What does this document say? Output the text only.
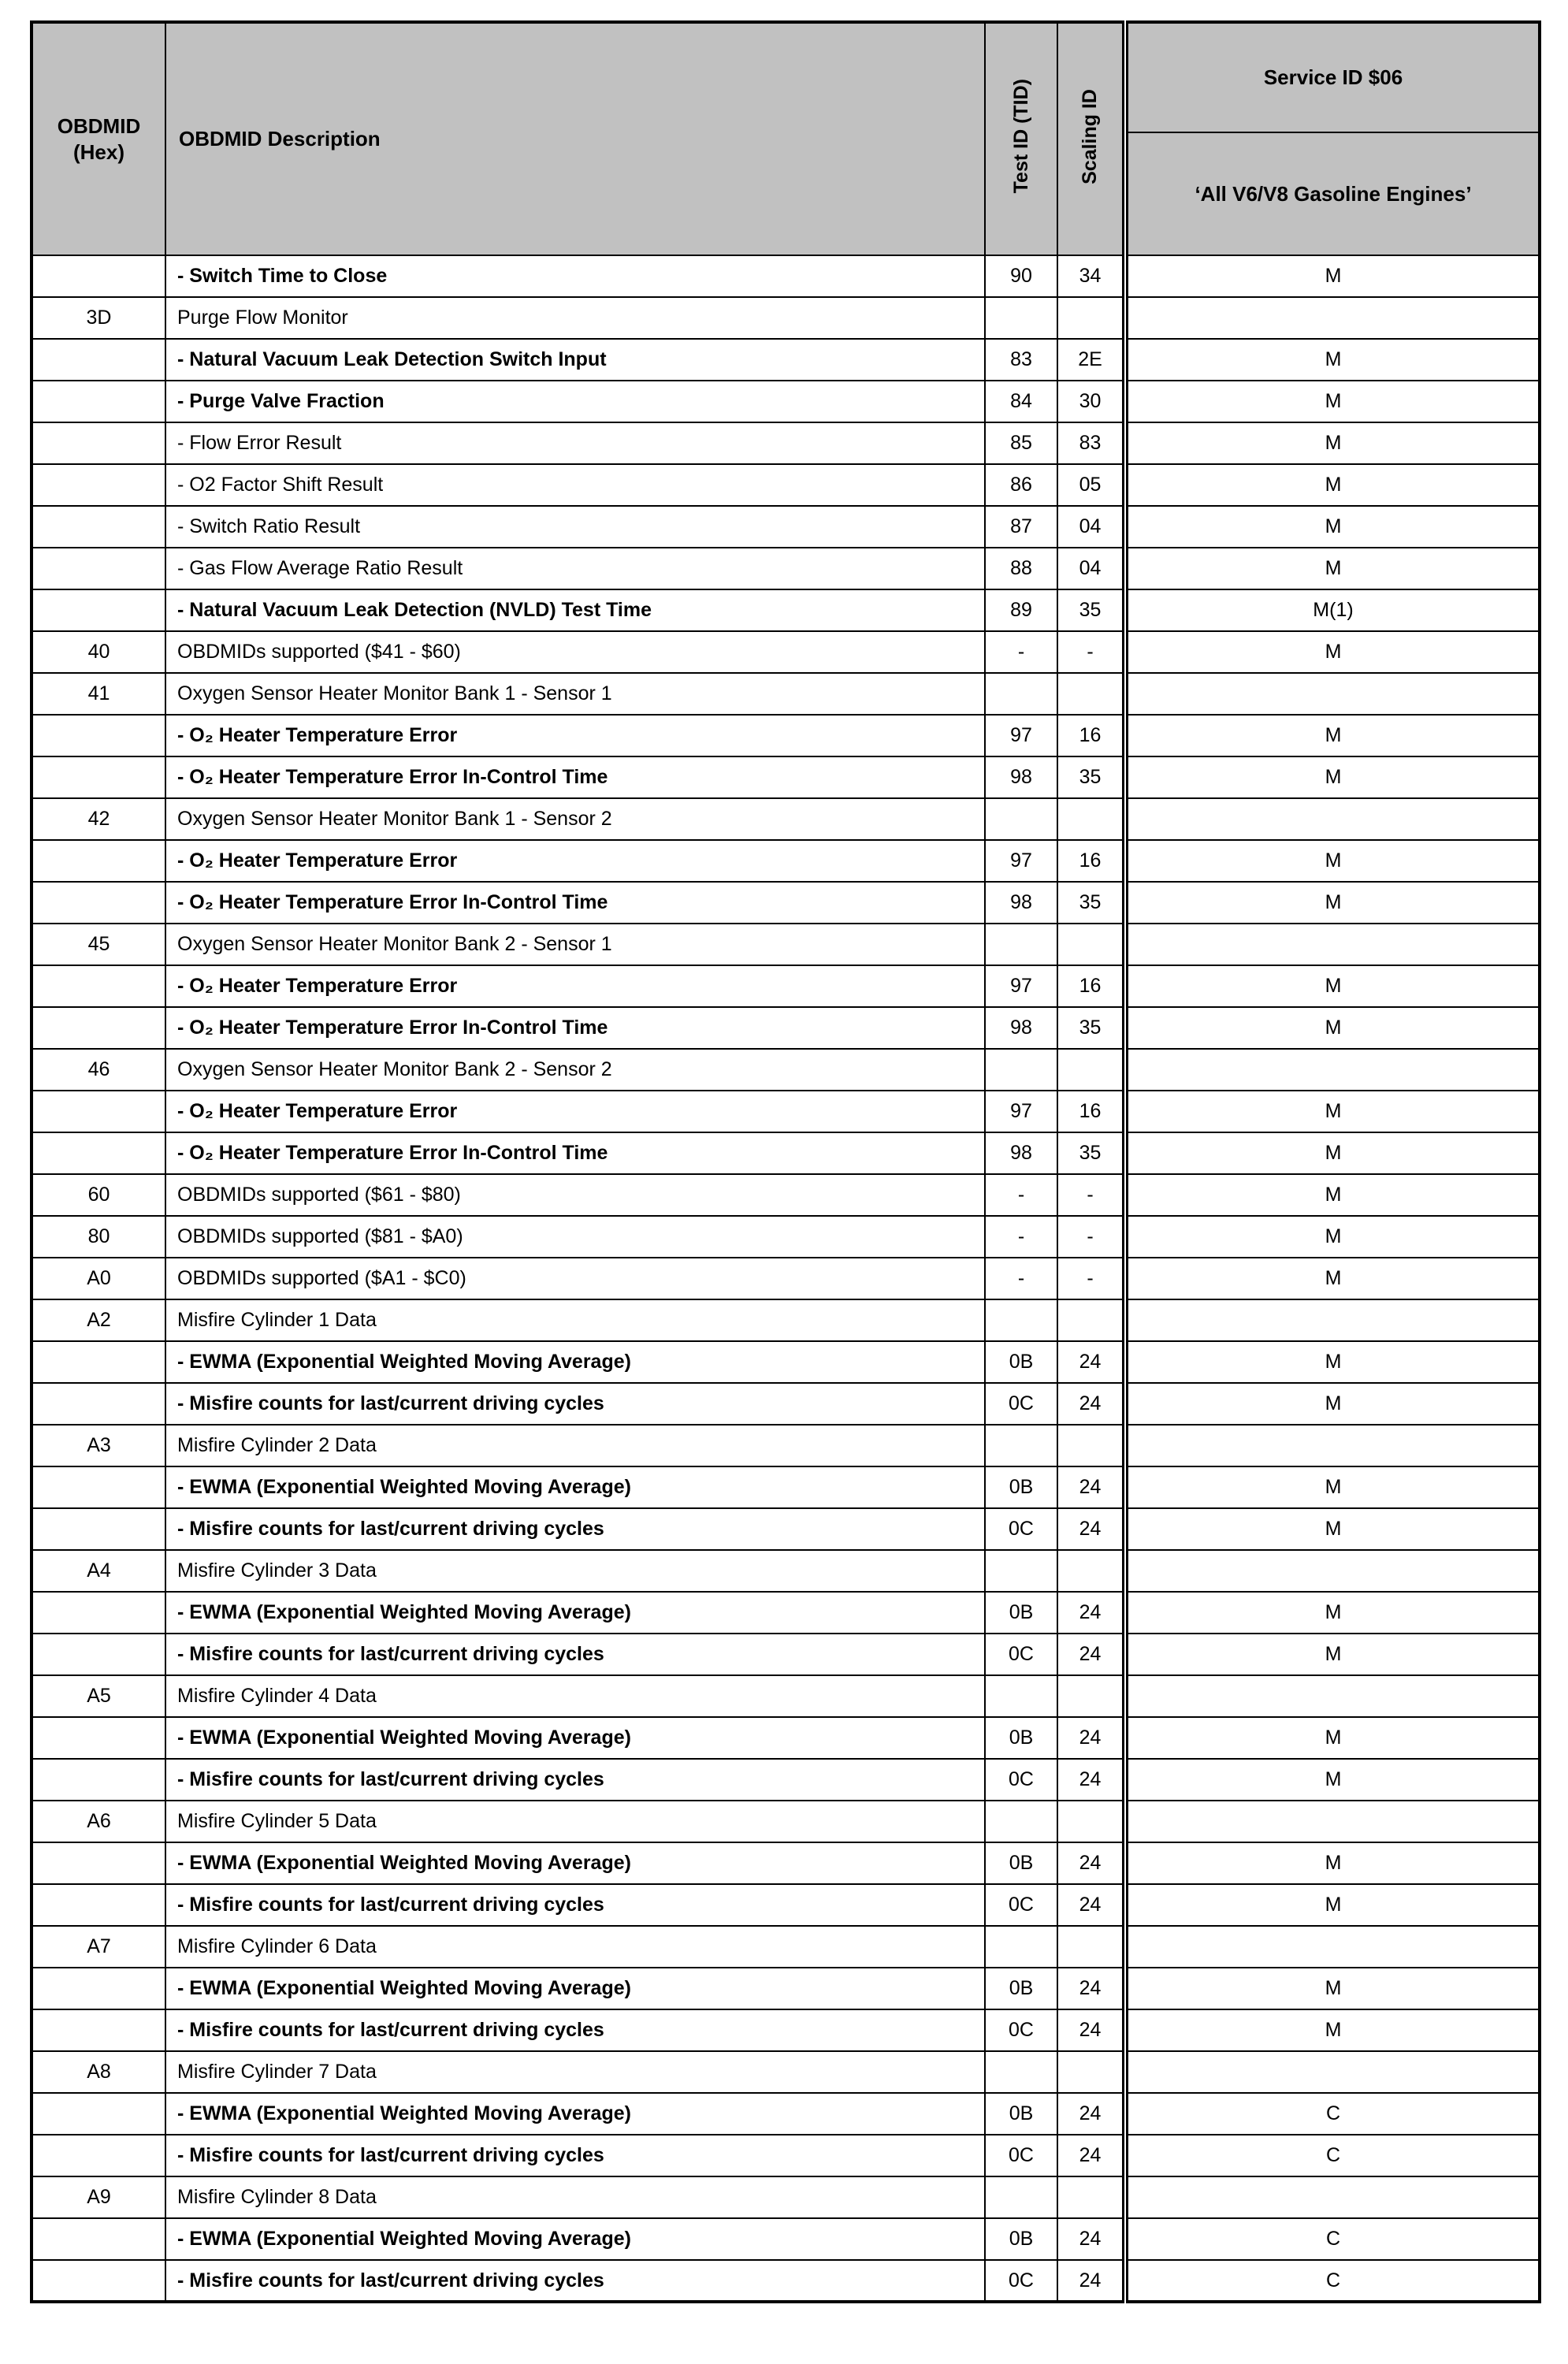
OBDMID (Hex)	OBDMID Description	Test ID (TID)	Scaling ID	Service ID $06
				‘All V6/V8 Gasoline Engines’
	- Switch Time to Close	90	34	M
3D	Purge Flow Monitor			
	- Natural Vacuum Leak Detection Switch Input	83	2E	M
	- Purge Valve Fraction	84	30	M
	- Flow Error Result	85	83	M
	- O2 Factor Shift Result	86	05	M
	- Switch Ratio Result	87	04	M
	- Gas Flow Average Ratio Result	88	04	M
	- Natural Vacuum Leak Detection (NVLD) Test Time	89	35	M(1)
40	OBDMIDs supported ($41 - $60)	-	-	M
41	Oxygen Sensor Heater Monitor Bank 1 - Sensor 1			
	- O₂ Heater Temperature Error	97	16	M
	- O₂ Heater Temperature Error In-Control Time	98	35	M
42	Oxygen Sensor Heater Monitor Bank 1 - Sensor 2			
	- O₂ Heater Temperature Error	97	16	M
	- O₂ Heater Temperature Error In-Control Time	98	35	M
45	Oxygen Sensor Heater Monitor Bank 2 - Sensor 1			
	- O₂ Heater Temperature Error	97	16	M
	- O₂ Heater Temperature Error In-Control Time	98	35	M
46	Oxygen Sensor Heater Monitor Bank 2 - Sensor 2			
	- O₂ Heater Temperature Error	97	16	M
	- O₂ Heater Temperature Error In-Control Time	98	35	M
60	OBDMIDs supported ($61 - $80)	-	-	M
80	OBDMIDs supported ($81 - $A0)	-	-	M
A0	OBDMIDs supported ($A1 - $C0)	-	-	M
A2	Misfire Cylinder 1 Data			
	- EWMA (Exponential Weighted Moving Average)	0B	24	M
	- Misfire counts for last/current driving cycles	0C	24	M
A3	Misfire Cylinder 2 Data			
	- EWMA (Exponential Weighted Moving Average)	0B	24	M
	- Misfire counts for last/current driving cycles	0C	24	M
A4	Misfire Cylinder 3 Data			
	- EWMA (Exponential Weighted Moving Average)	0B	24	M
	- Misfire counts for last/current driving cycles	0C	24	M
A5	Misfire Cylinder 4 Data			
	- EWMA (Exponential Weighted Moving Average)	0B	24	M
	- Misfire counts for last/current driving cycles	0C	24	M
A6	Misfire Cylinder 5 Data			
	- EWMA (Exponential Weighted Moving Average)	0B	24	M
	- Misfire counts for last/current driving cycles	0C	24	M
A7	Misfire Cylinder 6 Data			
	- EWMA (Exponential Weighted Moving Average)	0B	24	M
	- Misfire counts for last/current driving cycles	0C	24	M
A8	Misfire Cylinder 7 Data			
	- EWMA (Exponential Weighted Moving Average)	0B	24	C
	- Misfire counts for last/current driving cycles	0C	24	C
A9	Misfire Cylinder 8 Data			
	- EWMA (Exponential Weighted Moving Average)	0B	24	C
	- Misfire counts for last/current driving cycles	0C	24	C
